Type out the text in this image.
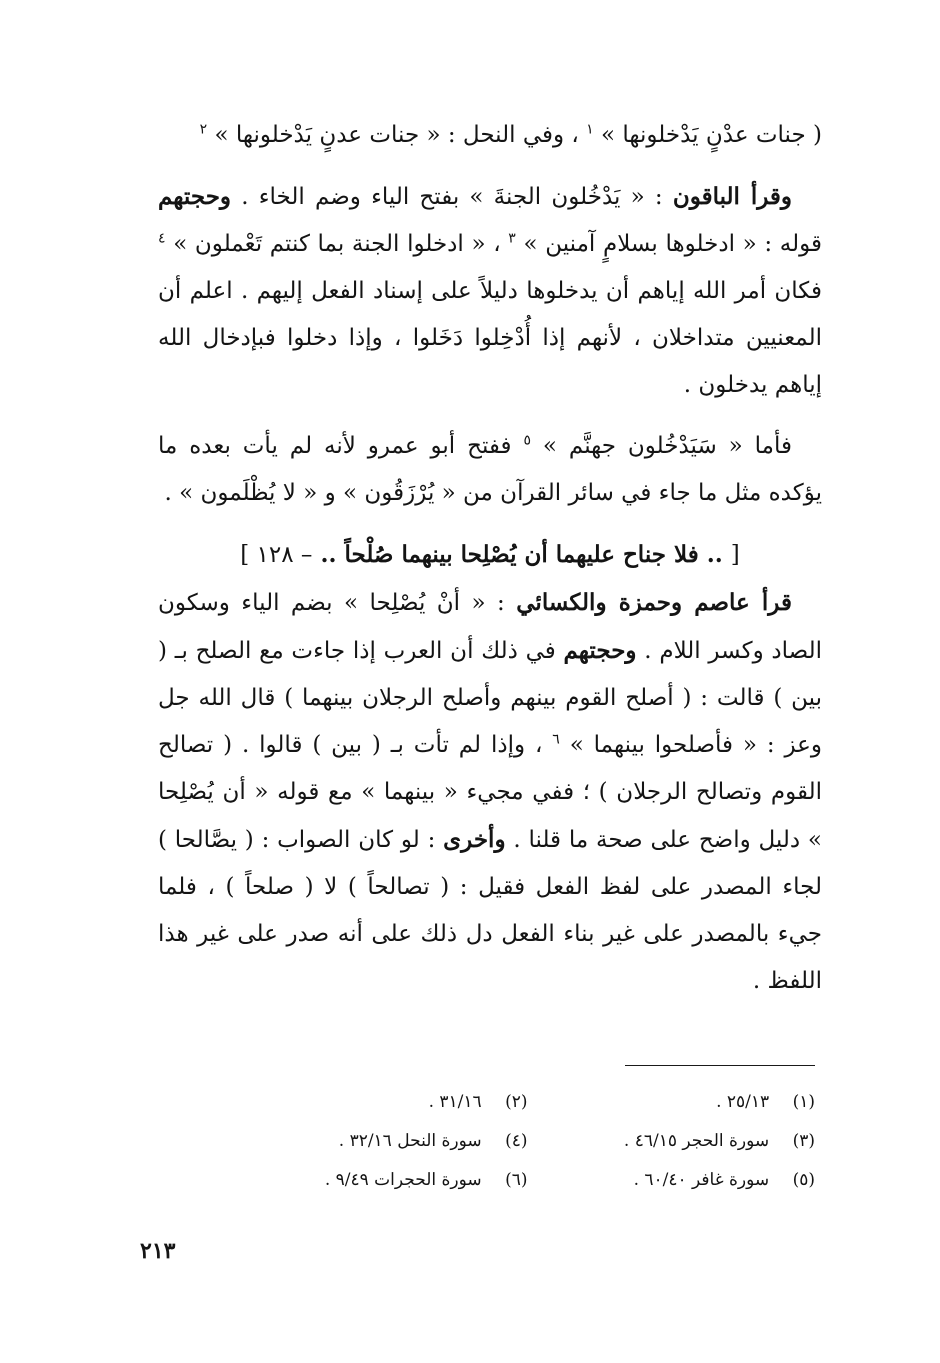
( جنات عدْنٍ يَدْخلونها » $^١$ ، وفي النحل : « جنات عدنٍ يَدْخلونها » $^٢$

وقرأ الباقون : « يَدْخُلون الجنةَ » بفتح الياء وضم الخاء . وحجتهم قوله : « ادخلوها بسلامٍ آمنين » $^٣$ ، « ادخلوا الجنة بما كنتم تَعْملون » $^٤$ فكان أمر الله إياهم أن يدخلوها دليلاً على إسناد الفعل إليهم . اعلم أن المعنيين متداخلان ، لأنهم إذا أُدْخِلوا دَخَلوا ، وإذا دخلوا فبإدخال الله إياهم يدخلون .

فأما « سَيَدْخُلون جهنَّم » $^٥$ ففتح أبو عمرو لأنه لم يأت بعده ما يؤكده مثل ما جاء في سائر القرآن من « يُرْزَقُون » و « لا يُظْلَمون » .

[ .. فلا جناح عليهما أن يُصْلِحا بينهما صُلْحاً .. – ١٢٨ ]

قرأ عاصم وحمزة والكسائي : « أنْ يُصْلِحا » بضم الياء وسكون الصاد وكسر اللام . وحجتهم في ذلك أن العرب إذا جاءت مع الصلح بـ ( بين ) قالت : ( أصلح القوم بينهم وأصلح الرجلان بينهما ) قال الله جل وعز : « فأصلحوا بينهما » $^٦$ ، وإذا لم تأت بـ ( بين ) قالوا . ( تصالح القوم وتصالح الرجلان ) ؛ ففي مجيء « بينهما » مع قوله « أن يُصْلِحا » دليل واضح على صحة ما قلنا . وأخرى : لو كان الصواب : ( يصَّالحا ) لجاء المصدر على لفظ الفعل فقيل : ( تصالحاً ) لا ( صلحاً ) ، فلما جيء بالمصدر على غير بناء الفعل دل ذلك على أنه صدر على غير هذا اللفظ .

(١) ٢٥/١٣ .
(٢) ٣١/١٦ .
(٣) سورة الحجر ٤٦/١٥ .
(٤) سورة النحل ٣٢/١٦ .
(٥) سورة غافر ٦٠/٤٠ .
(٦) سورة الحجرات ٩/٤٩ .
٢١٣
